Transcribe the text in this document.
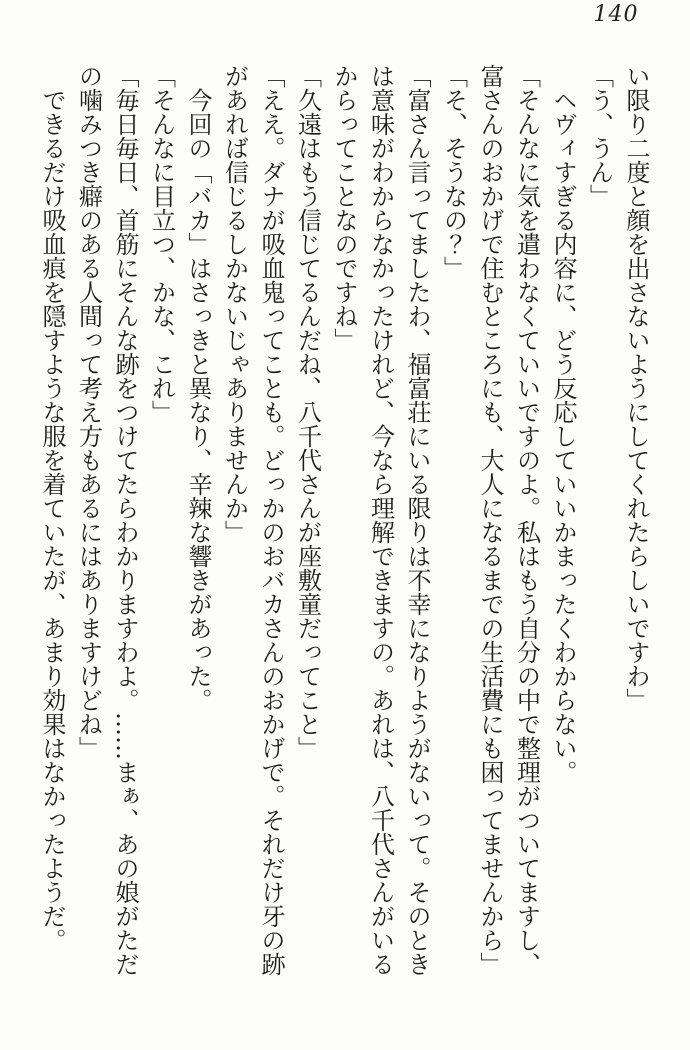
140

い限り二度と顔を出さないようにしてくれたらしいですわ」

「う、うん」

　ヘヴィすぎる内容に、どう反応していいかまったくわからない。

「そんなに気を遣わなくていいですのよ。私はもう自分の中で整理がついてますし、富さんのおかげで住むところにも、大人になるまでの生活費にも困ってませんから」

「そ、そうなの？」

「富さん言ってましたわ、福富荘にいる限りは不幸になりようがないって。そのときは意味がわからなかったけれど、今なら理解できますの。あれは、八千代さんがいるからってことなのですね」

「久遠はもう信じてるんだね、八千代さんが座敷童だってこと」

「ええ。ダナが吸血鬼ってことも。どっかのおバカさんのおかげで。それだけ牙の跡があれば信じるしかないじゃありませんか」

　今回の「バカ」はさっきと異なり、辛辣な響きがあった。

「そんなに目立つ、かな、これ」

「毎日毎日、首筋にそんな跡をつけてたらわかりますわよ。……まぁ、あの娘がただの噛みつき癖のある人間って考え方もあるにはありますけどね」

　できるだけ吸血痕を隠すような服を着ていたが、あまり効果はなかったようだ。
